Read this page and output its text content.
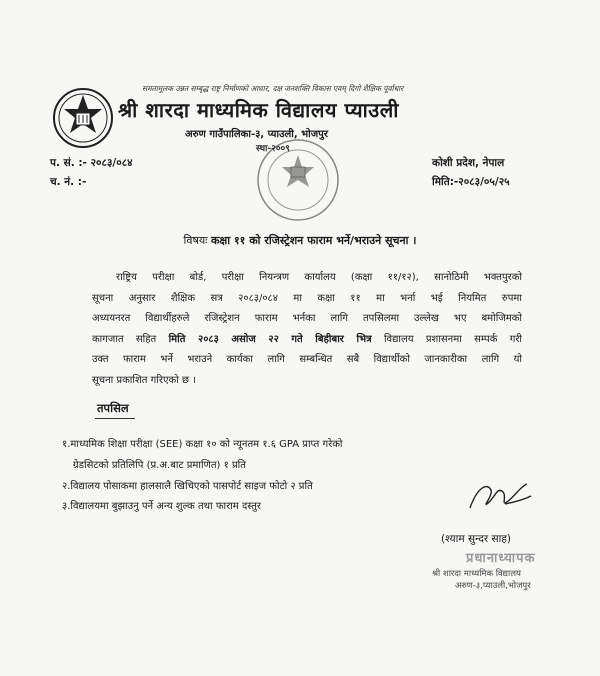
समतामूलक उन्नत सम्बृद्ध राष्ट्र निर्माणको आधार, दक्ष जनशक्ति विकास एवम् दिगो शैक्षिक पूर्वाधार
श्री शारदा माध्यमिक विद्यालय प्याउली
अरुण गाउँपालिका-३, प्याउली, भोजपुर
स्था-२००९
प. सं. :- २०८३/०८४
च. नं. :-
कोशी प्रदेश, नेपाल
मिति:-२०८३/०५/२५
विषयः कक्षा ११ को रजिस्ट्रेशन फाराम भर्ने/भराउने सूचना ।
राष्ट्रिय परीक्षा बोर्ड, परीक्षा नियन्त्रण कार्यालय (कक्षा ११/१२), सानोठिमी भक्तपुरको
सूचना अनुसार शैक्षिक सत्र २०८३/०८४ मा कक्षा ११ मा भर्ना भई नियमित रुपमा
अध्ययनरत विद्यार्थीहरुले रजिस्ट्रेशन फाराम भर्नका लागि तपसिलमा उल्लेख भए बमोजिमको
कागजात सहित मिति २०८३ असोज २२ गते बिहीबार भित्र विद्यालय प्रशासनमा सम्पर्क गरी
उक्त फाराम भर्ने भराउने कार्यका लागि सम्बन्धित सबै विद्यार्थीको जानकारीका लागि यो
सूचना प्रकाशित गरिएको छ ।
तपसिल
१.माध्यमिक शिक्षा परीक्षा (SEE) कक्षा १० को न्यूनतम १.६ GPA प्राप्त गरेको
ग्रेडसिटको प्रतिलिपि (प्र.अ.बाट प्रमाणित) १ प्रति
२.विद्यालय पोसाकमा हालसालै खिचिएको पासपोर्ट साइज फोटो २ प्रति
३.विद्यालयमा बुझाउनु पर्ने अन्य शुल्क तथा फाराम दस्तुर
(श्याम सुन्दर साह)
प्रधानाध्यापक
श्री शारदा माध्यमिक विद्यालय
अरुण-३,प्याउली,भोजपुर
